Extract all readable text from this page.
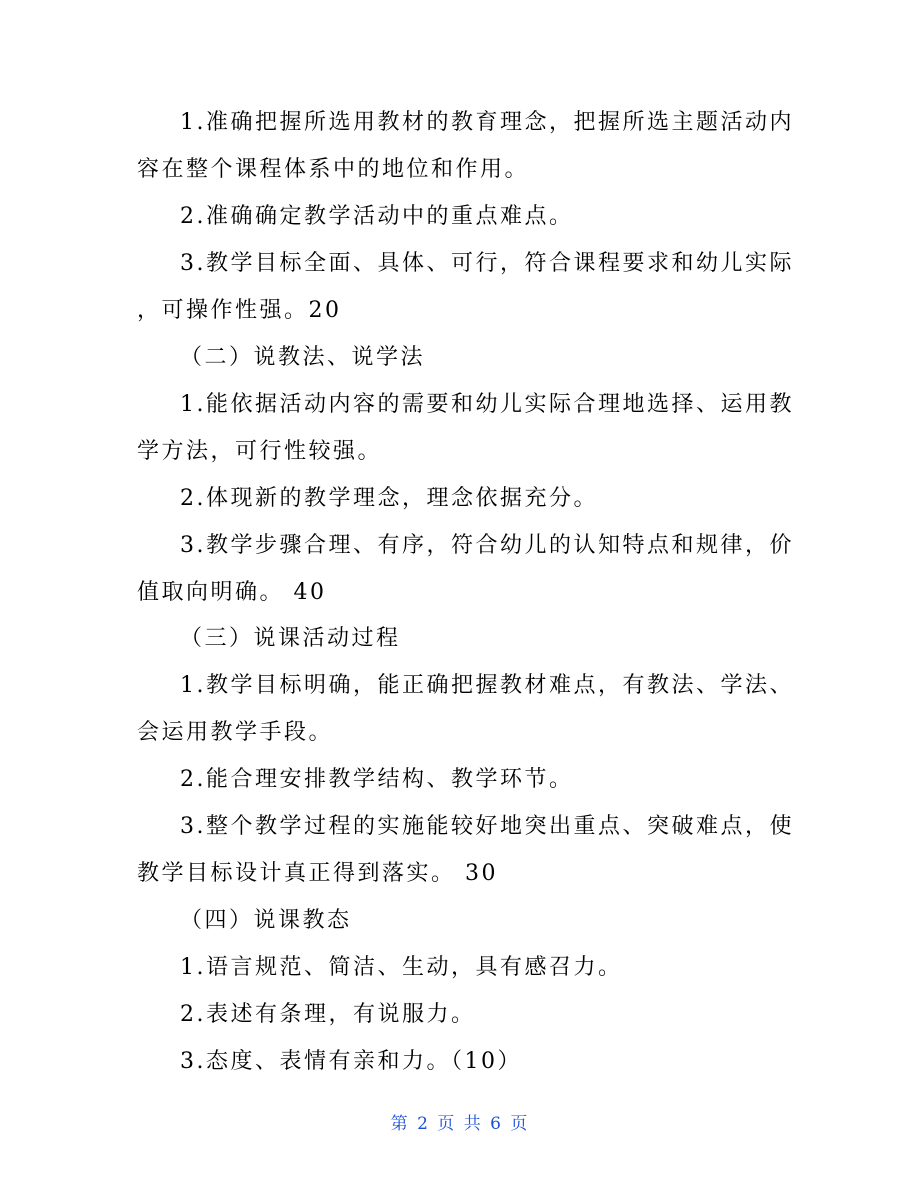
1.准确把握所选用教材的教育理念，把握所选主题活动内
容在整个课程体系中的地位和作用。
2.准确确定教学活动中的重点难点。
3.教学目标全面、具体、可行，符合课程要求和幼儿实际
，可操作性强。20
（二）说教法、说学法
1.能依据活动内容的需要和幼儿实际合理地选择、运用教
学方法，可行性较强。
2.体现新的教学理念，理念依据充分。
3.教学步骤合理、有序，符合幼儿的认知特点和规律，价
值取向明确。 40
（三）说课活动过程
1.教学目标明确，能正确把握教材难点，有教法、学法、
会运用教学手段。
2.能合理安排教学结构、教学环节。
3.整个教学过程的实施能较好地突出重点、突破难点，使
教学目标设计真正得到落实。 30
（四）说课教态
1.语言规范、简洁、生动，具有感召力。
2.表述有条理，有说服力。
3.态度、表情有亲和力。（10）
第 2 页 共 6 页
